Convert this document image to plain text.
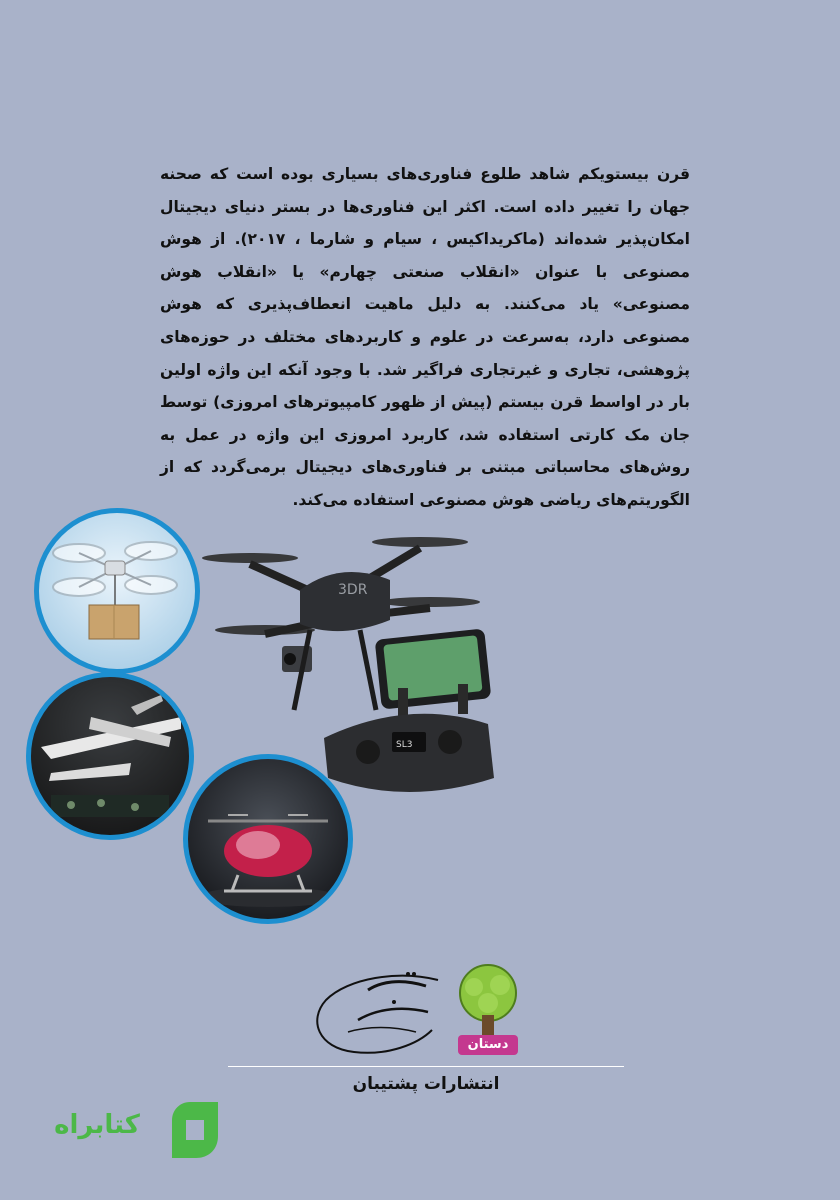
قرن بیستویکم شاهد طلوع فناوری‌های بسیاری بوده است که صحنه جهان را تغییر داده است. اکثر این فناوری‌ها در بستر دنیای دیجیتال امکان‌پذیر شده‌اند (ماکریداکیس ، سیام و شارما ، ۲۰۱۷). از هوش مصنوعی با عنوان «انقلاب صنعتی چهارم» یا «انقلاب هوش مصنوعی» یاد می‌کنند. به دلیل ماهیت انعطاف‌پذیری که هوش مصنوعی دارد، به‌سرعت در علوم و کاربردهای مختلف در حوزه‌های پژوهشی، تجاری و غیرتجاری فراگیر شد. با وجود آنکه این واژه اولین بار در اواسط قرن بیستم (پیش از ظهور کامپیوترهای امروزی) توسط جان مک کارتی استفاده شد، کاربرد امروزی این واژه در عمل به روش‌های محاسباتی مبتنی بر فناوری‌های دیجیتال برمی‌گردد که از الگوریتم‌های ریاضی هوش مصنوعی استفاده می‌کند.

3DR
SL3
دستان
انتشارات پشتیبان
کتابراه
